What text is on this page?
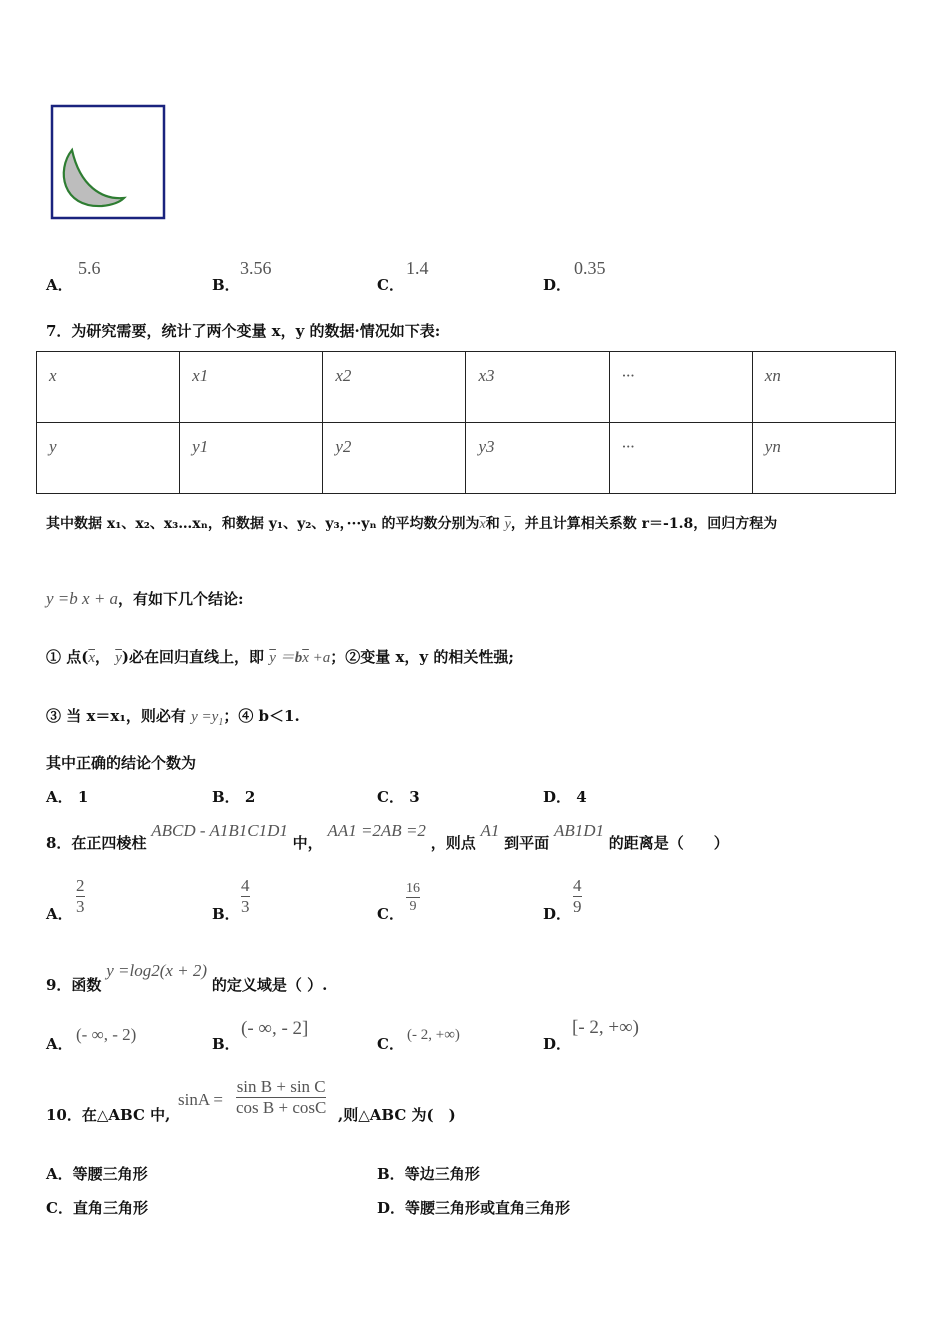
A．
5.6
B．
3.56
C．
1.4
D．
0.35
7．为研究需要，统计了两个变量 x，y 的数据·情况如下表:
x	x1	x2	x3	···	xn
y	y1	y2	y3	···	yn
其中数据 x₁、x₂、x₃…xₙ，和数据 y₁、y₂、y₃，···yₙ 的平均数分别为$\overline{x}$和 $\overline{y}$，并且计算相关系数 r＝-1.8，回归方程为
y =b x + a，有如下几个结论:
① 点($\overline{x}$， $\overline{y}$)必在回归直线上，即 $\overline{y} =b\overline{x} +a$；②变量 x，y 的相关性强;
③ 当 x＝x₁，则必有 $y =y_1$；④ b＜1.
其中正确的结论个数为
A． 1	B． 2	C． 3	D． 4
8．在正四棱柱 ABCD - A1B1C1D1 中， AA1 =2AB =2 ，则点 A1 到平面 AB1D1 的距离是（　　）
A．
2
3	B．
4
3	C．
16
9	D．
4
9
9．函数 y =log2(x + 2) 的定义域是（ ）.
A． (- ∞, - 2)	B．
(- ∞, - 2]
C． (- 2, +∞)	D．
[- 2, +∞)
10．在△ABC 中,
sinA =
sin B + sin C
cos B + cosC ,则△ABC 为(　)
A．等腰三角形	B．等边三角形
C．直角三角形	D．等腰三角形或直角三角形
